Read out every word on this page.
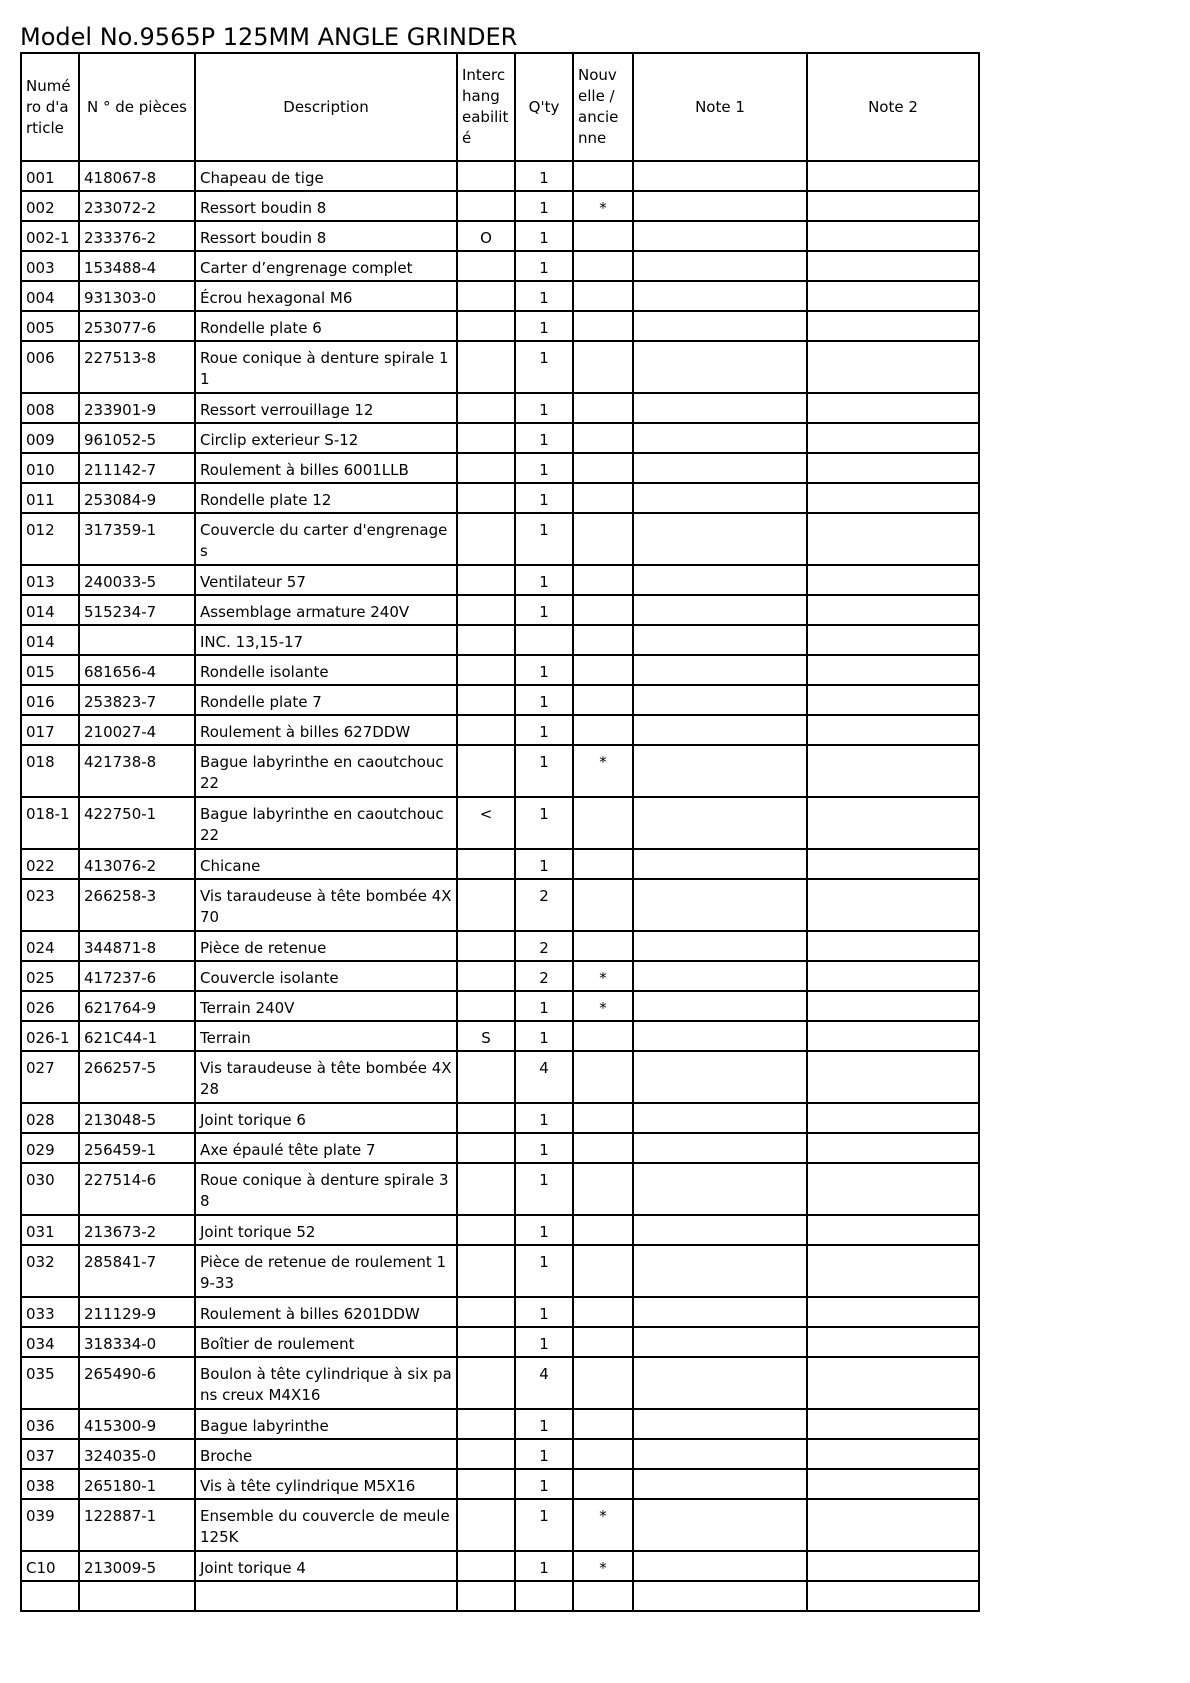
Model No.9565P 125MM ANGLE GRINDER
Numé ro d'a rticle	N ° de pièces	Description	Interc hang eabilit é	Q'ty	Nouv elle / ancie nne	Note 1	Note 2
001	418067-8	Chapeau de tige		1			
002	233072-2	Ressort boudin 8		1	*		
002-1	233376-2	Ressort boudin 8	O	1			
003	153488-4	Carter d’engrenage complet		1			
004	931303-0	Écrou hexagonal M6		1			
005	253077-6	Rondelle plate 6		1			
006	227513-8	Roue conique à denture spirale 1 1		1			
008	233901-9	Ressort verrouillage 12		1			
009	961052-5	Circlip exterieur S-12		1			
010	211142-7	Roulement à billes 6001LLB		1			
011	253084-9	Rondelle plate 12		1			
012	317359-1	Couvercle du carter d'engrenage s		1			
013	240033-5	Ventilateur 57		1			
014	515234-7	Assemblage armature 240V		1			
014		INC. 13,15-17					
015	681656-4	Rondelle isolante		1			
016	253823-7	Rondelle plate 7		1			
017	210027-4	Roulement à billes 627DDW		1			
018	421738-8	Bague labyrinthe en caoutchouc 22		1	*		
018-1	422750-1	Bague labyrinthe en caoutchouc 22	<	1			
022	413076-2	Chicane		1			
023	266258-3	Vis taraudeuse à tête bombée 4X 70		2			
024	344871-8	Pièce de retenue		2			
025	417237-6	Couvercle isolante		2	*		
026	621764-9	Terrain 240V		1	*		
026-1	621C44-1	Terrain	S	1			
027	266257-5	Vis taraudeuse à tête bombée 4X 28		4			
028	213048-5	Joint torique 6		1			
029	256459-1	Axe épaulé tête plate 7		1			
030	227514-6	Roue conique à denture spirale 3 8		1			
031	213673-2	Joint torique 52		1			
032	285841-7	Pièce de retenue de roulement 1 9-33		1			
033	211129-9	Roulement à billes 6201DDW		1			
034	318334-0	Boîtier de roulement		1			
035	265490-6	Boulon à tête cylindrique à six pa ns creux M4X16		4			
036	415300-9	Bague labyrinthe		1			
037	324035-0	Broche		1			
038	265180-1	Vis à tête cylindrique M5X16		1			
039	122887-1	Ensemble du couvercle de meule 125K		1	*		
C10	213009-5	Joint torique 4		1	*		
